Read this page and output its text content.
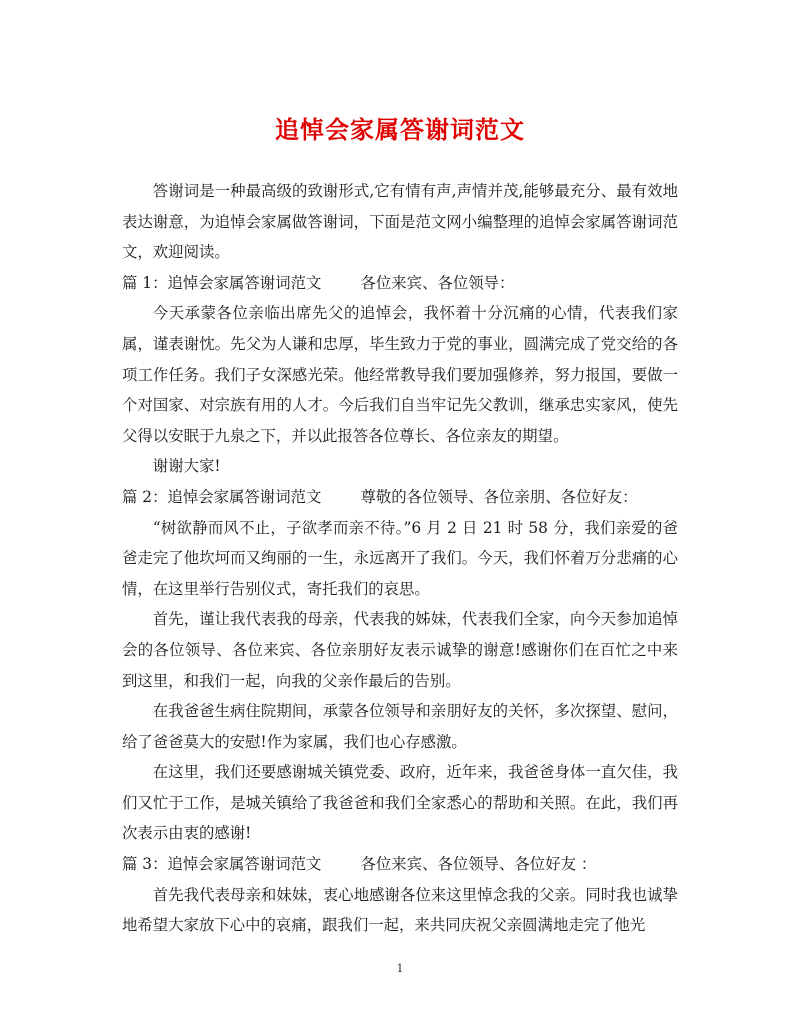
追悼会家属答谢词范文

答谢词是一种最高级的致谢形式,它有情有声,声情并茂,能够最充分、最有效地表达谢意，为追悼会家属做答谢词，下面是范文网小编整理的追悼会家属答谢词范文，欢迎阅读。

篇 1：追悼会家属答谢词范文        各位来宾、各位领导：

今天承蒙各位亲临出席先父的追悼会，我怀着十分沉痛的心情，代表我们家属，谨表谢忱。先父为人谦和忠厚，毕生致力于党的事业，圆满完成了党交给的各项工作任务。我们子女深感光荣。他经常教导我们要加强修养，努力报国，要做一个对国家、对宗族有用的人才。今后我们自当牢记先父教训，继承忠实家风，使先父得以安眠于九泉之下，并以此报答各位尊长、各位亲友的期望。

谢谢大家!

篇 2：追悼会家属答谢词范文        尊敬的各位领导、各位亲朋、各位好友：

“树欲静而风不止，子欲孝而亲不待。”6 月 2 日 21 时 58 分，我们亲爱的爸爸走完了他坎坷而又绚丽的一生，永远离开了我们。今天，我们怀着万分悲痛的心情，在这里举行告别仪式，寄托我们的哀思。

首先，谨让我代表我的母亲，代表我的姊妹，代表我们全家，向今天参加追悼会的各位领导、各位来宾、各位亲朋好友表示诚挚的谢意!感谢你们在百忙之中来到这里，和我们一起，向我的父亲作最后的告别。

在我爸爸生病住院期间，承蒙各位领导和亲朋好友的关怀，多次探望、慰问，给了爸爸莫大的安慰!作为家属，我们也心存感激。

在这里，我们还要感谢城关镇党委、政府，近年来，我爸爸身体一直欠佳，我们又忙于工作，是城关镇给了我爸爸和我们全家悉心的帮助和关照。在此，我们再次表示由衷的感谢!

篇 3：追悼会家属答谢词范文        各位来宾、各位领导、各位好友 ：

首先我代表母亲和妹妹，衷心地感谢各位来这里悼念我的父亲。同时我也诚挚地希望大家放下心中的哀痛，跟我们一起，来共同庆祝父亲圆满地走完了他光

1
